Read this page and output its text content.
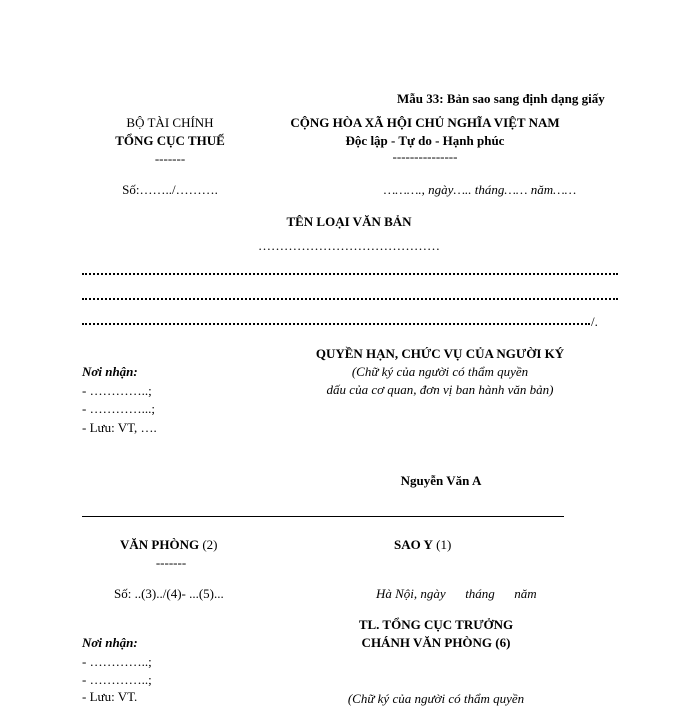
Mẫu 33: Bản sao sang định dạng giấy
BỘ TÀI CHÍNH
TỔNG CỤC THUẾ
-------
CỘNG HÒA XÃ HỘI CHỦ NGHĨA VIỆT NAM
Độc lập - Tự do - Hạnh phúc
---------------
Số:……../……….	………., ngày….. tháng…… năm……
TÊN LOẠI VĂN BẢN
……………………………………
/.
QUYỀN HẠN, CHỨC VỤ CỦA NGƯỜI KÝ
(Chữ ký của người có thẩm quyền
dấu của cơ quan, đơn vị ban hành văn bản)
Nơi nhận:
- …………..;
- …………...;
- Lưu: VT, ….
Nguyễn Văn A
VĂN PHÒNG (2)
-------
SAO Y (1)
Số: ..(3)../(4)- ...(5)...	Hà Nội, ngày      tháng      năm
TL. TỔNG CỤC TRƯỞNG
CHÁNH VĂN PHÒNG (6)
Nơi nhận:
- …………..;
- …………..;
- Lưu: VT.	(Chữ ký của người có thẩm quyền
